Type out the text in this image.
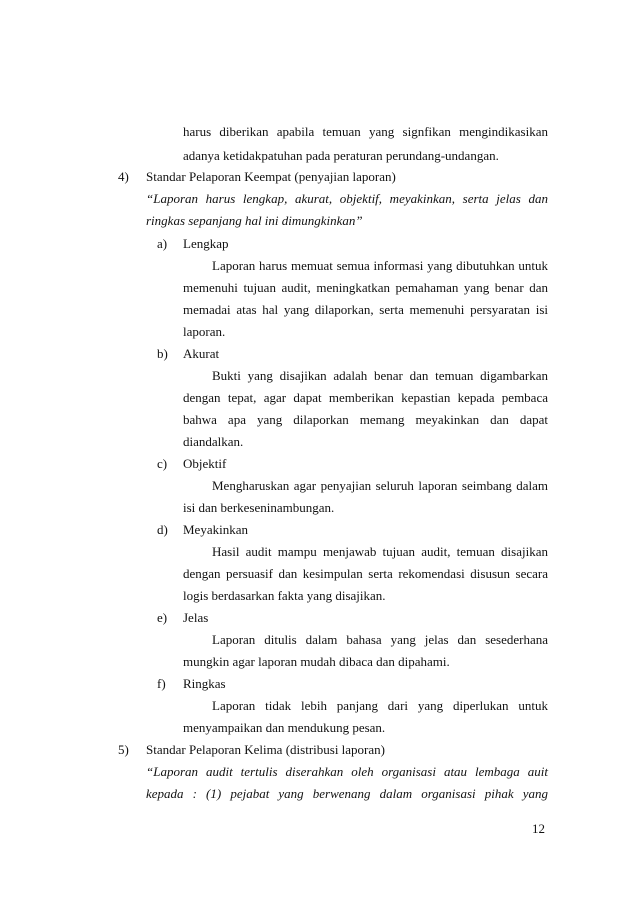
harus diberikan apabila temuan yang signfikan mengindikasikan
adanya ketidakpatuhan pada peraturan perundang-undangan.
4) Standar Pelaporan Keempat (penyajian laporan)
“Laporan harus lengkap, akurat, objektif, meyakinkan, serta jelas dan
ringkas sepanjang hal ini dimungkinkan”
a) Lengkap
Laporan harus memuat semua informasi yang dibutuhkan untuk
memenuhi tujuan audit, meningkatkan pemahaman yang benar dan
memadai atas hal yang dilaporkan, serta memenuhi persyaratan isi
laporan.
b) Akurat
Bukti yang disajikan adalah benar dan temuan digambarkan
dengan tepat, agar dapat memberikan kepastian kepada pembaca
bahwa apa yang dilaporkan memang meyakinkan dan dapat
diandalkan.
c) Objektif
Mengharuskan agar penyajian seluruh laporan seimbang dalam
isi dan berkeseninambungan.
d) Meyakinkan
Hasil audit mampu menjawab tujuan audit, temuan disajikan
dengan persuasif dan kesimpulan serta rekomendasi disusun secara
logis berdasarkan fakta yang disajikan.
e) Jelas
Laporan ditulis dalam bahasa yang jelas dan sesederhana
mungkin agar laporan mudah dibaca dan dipahami.
f) Ringkas
Laporan tidak lebih panjang dari yang diperlukan untuk
menyampaikan dan mendukung pesan.
5) Standar Pelaporan Kelima (distribusi laporan)
“Laporan audit tertulis diserahkan oleh organisasi atau lembaga auit
kepada : (1) pejabat yang berwenang dalam organisasi pihak yang
12
